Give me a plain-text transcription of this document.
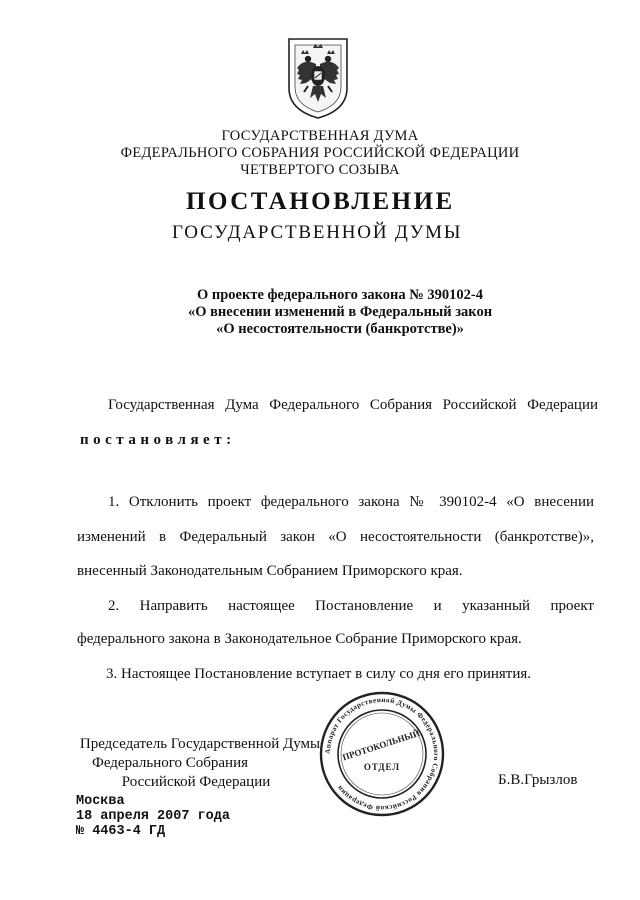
ГОСУДАРСТВЕННАЯ ДУМА
ФЕДЕРАЛЬНОГО СОБРАНИЯ РОССИЙСКОЙ ФЕДЕРАЦИИ
ЧЕТВЕРТОГО СОЗЫВА
ПОСТАНОВЛЕНИЕ
ГОСУДАРСТВЕННОЙ ДУМЫ
О проекте федерального закона № 390102-4
«О внесении изменений в Федеральный закон
«О несостоятельности (банкротстве)»
Государственная Дума Федерального Собрания Российской Федерации
постановляет:
1. Отклонить проект федерального закона № 390102-4 «О внесении
изменений в Федеральный закон «О несостоятельности (банкротстве)»,
внесенный Законодательным Собранием Приморского края.
2. Направить настоящее Постановление и указанный проект
федерального закона в Законодательное Собрание Приморского края.
3. Настоящее Постановление вступает в силу со дня его принятия.
Председатель Государственной Думы
Федерального Собрания
Российской Федерации	Б.В.Грызлов
Аппарат Государственной Думы Федерального Собрания Российской Федерации
ПРОТОКОЛЬНЫЙ
ОТДЕЛ
Москва
18 апреля 2007 года
№ 4463-4 ГД
